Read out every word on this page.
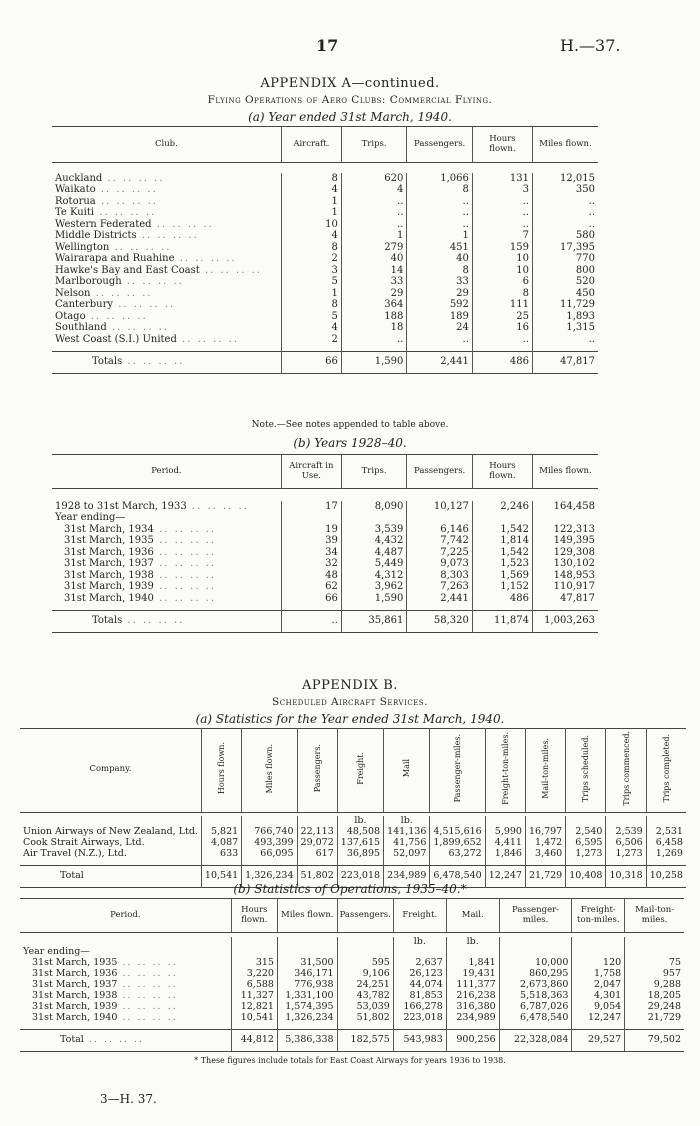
17	H.—37.
APPENDIX A—continued.
Flying Operations of Aero Clubs: Commercial Flying.
(a) Year ended 31st March, 1940.
Club.	Aircraft.	Trips.	Passengers.	Hours flown.	Miles flown.

Auckland .. .. .. ..	8	620	1,066	131	12,015
Waikato .. .. .. ..	4	4	8	3	350
Rotorua .. .. .. ..	1	..	..	..	..
Te Kuiti .. .. .. ..	1	..	..	..	..
Western Federated .. .. .. ..	10	..	..	..	..
Middle Districts .. .. .. ..	4	1	1	7	580
Wellington .. .. .. ..	8	279	451	159	17,395
Wairarapa and Ruahine .. .. .. ..	2	40	40	10	770
Hawke's Bay and East Coast .. .. .. ..	3	14	8	10	800
Marlborough .. .. .. ..	5	33	33	6	520
Nelson .. .. .. ..	1	29	29	8	450
Canterbury .. .. .. ..	8	364	592	111	11,729
Otago .. .. .. ..	5	188	189	25	1,893
Southland .. .. .. ..	4	18	24	16	1,315
West Coast (S.I.) United .. .. .. ..	2	..	..	..	..

Totals .. .. .. ..	66	1,590	2,441	486	47,817
Note.—See notes appended to table above.
(b) Years 1928–40.
Period.	Aircraft in Use.	Trips.	Passengers.	Hours flown.	Miles flown.

1928 to 31st March, 1933 .. .. .. ..	17	8,090	10,127	2,246	164,458
Year ending—					
31st March, 1934 .. .. .. ..	19	3,539	6,146	1,542	122,313
31st March, 1935 .. .. .. ..	39	4,432	7,742	1,814	149,395
31st March, 1936 .. .. .. ..	34	4,487	7,225	1,542	129,308
31st March, 1937 .. .. .. ..	32	5,449	9,073	1,523	130,102
31st March, 1938 .. .. .. ..	48	4,312	8,303	1,569	148,953
31st March, 1939 .. .. .. ..	62	3,962	7,263	1,152	110,917
31st March, 1940 .. .. .. ..	66	1,590	2,441	486	47,817

Totals .. .. .. ..	..	35,861	58,320	11,874	1,003,263
APPENDIX B.
Scheduled Aircraft Services.
(a) Statistics for the Year ended 31st March, 1940.
Company.	Hours flown.	Miles flown.	Passengers.	Freight.	Mail	Passenger-miles.	Freight-ton-miles.	Mail-ton-miles.	Trips scheduled.	Trips commenced.	Trips completed.

				lb.	lb.						
Union Airways of New Zealand, Ltd.	5,821	766,740	22,113	48,508	141,136	4,515,616	5,990	16,797	2,540	2,539	2,531
Cook Strait Airways, Ltd.	4,087	493,399	29,072	137,615	41,756	1,899,652	4,411	1,472	6,595	6,506	6,458
Air Travel (N.Z.), Ltd.	633	66,095	617	36,895	52,097	63,272	1,846	3,460	1,273	1,273	1,269

Total	10,541	1,326,234	51,802	223,018	234,989	6,478,540	12,247	21,729	10,408	10,318	10,258
(b) Statistics of Operations, 1935–40.*
Period.	Hours flown.	Miles flown.	Passengers.	Freight.	Mail.	Passenger-miles.	Freight-ton-miles.	Mail-ton-miles.

				lb.	lb.			
Year ending—								
31st March, 1935 .. .. .. ..	315	31,500	595	2,637	1,841	10,000	120	75
31st March, 1936 .. .. .. ..	3,220	346,171	9,106	26,123	19,431	860,295	1,758	957
31st March, 1937 .. .. .. ..	6,588	776,938	24,251	44,074	111,377	2,673,860	2,047	9,288
31st March, 1938 .. .. .. ..	11,327	1,331,100	43,782	81,853	216,238	5,518,363	4,301	18,205
31st March, 1939 .. .. .. ..	12,821	1,574,395	53,039	166,278	316,380	6,787,026	9,054	29,248
31st March, 1940 .. .. .. ..	10,541	1,326,234	51,802	223,018	234,989	6,478,540	12,247	21,729

Total .. .. .. ..	44,812	5,386,338	182,575	543,983	900,256	22,328,084	29,527	79,502
* These figures include totals for East Coast Airways for years 1936 to 1938.
3—H. 37.
